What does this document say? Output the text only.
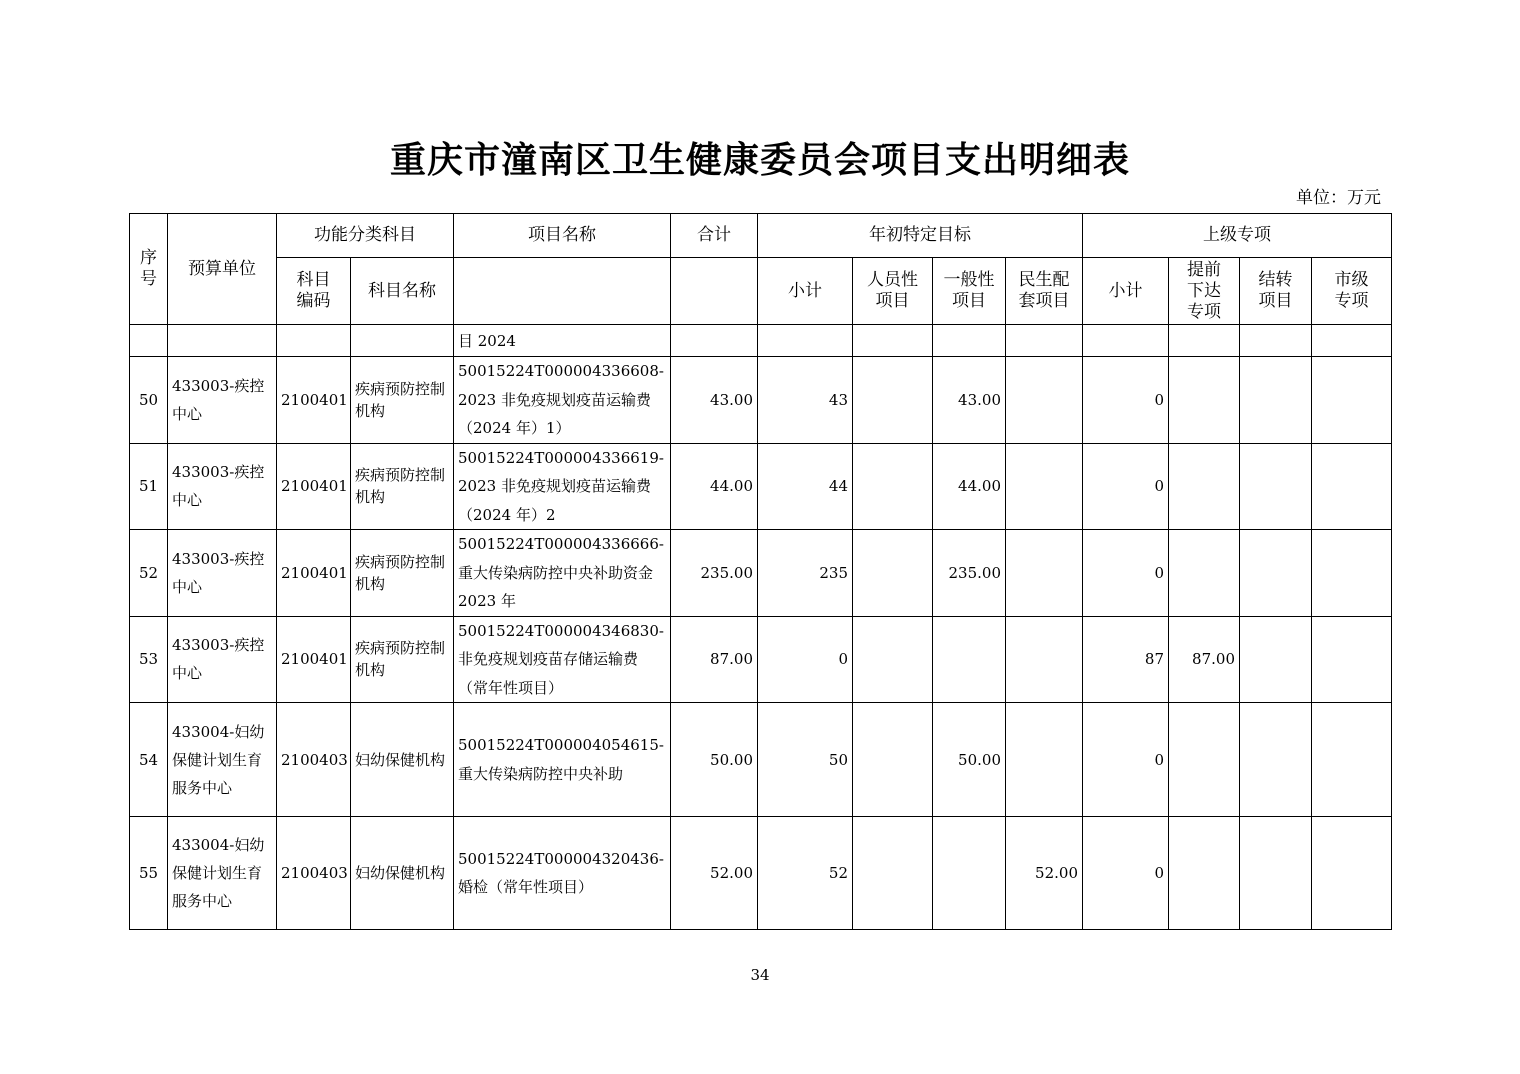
重庆市潼南区卫生健康委员会项目支出明细表
单位：万元
序号	预算单位	功能分类科目		项目名称	合计	年初特定目标				上级专项			
		科目编码	科目名称			小计	人员性项目	一般性项目	民生配套项目	小计	提前下达专项	结转项目	市级专项
				目 2024									
50	433003-疾控中心	2100401	疾病预防控制机构	50015224T000004336608-2023 非免疫规划疫苗运输费（2024 年）1）	43.00	43		43.00		0			
51	433003-疾控中心	2100401	疾病预防控制机构	50015224T000004336619-2023 非免疫规划疫苗运输费（2024 年）2	44.00	44		44.00		0			
52	433003-疾控中心	2100401	疾病预防控制机构	50015224T000004336666-重大传染病防控中央补助资金 2023 年	235.00	235		235.00		0			
53	433003-疾控中心	2100401	疾病预防控制机构	50015224T000004346830-非免疫规划疫苗存储运输费（常年性项目）	87.00	0				87	87.00		
54	433004-妇幼保健计划生育服务中心	2100403	妇幼保健机构	50015224T000004054615-重大传染病防控中央补助	50.00	50		50.00		0			
55	433004-妇幼保健计划生育服务中心	2100403	妇幼保健机构	50015224T000004320436-婚检（常年性项目）	52.00	52			52.00	0			
34
